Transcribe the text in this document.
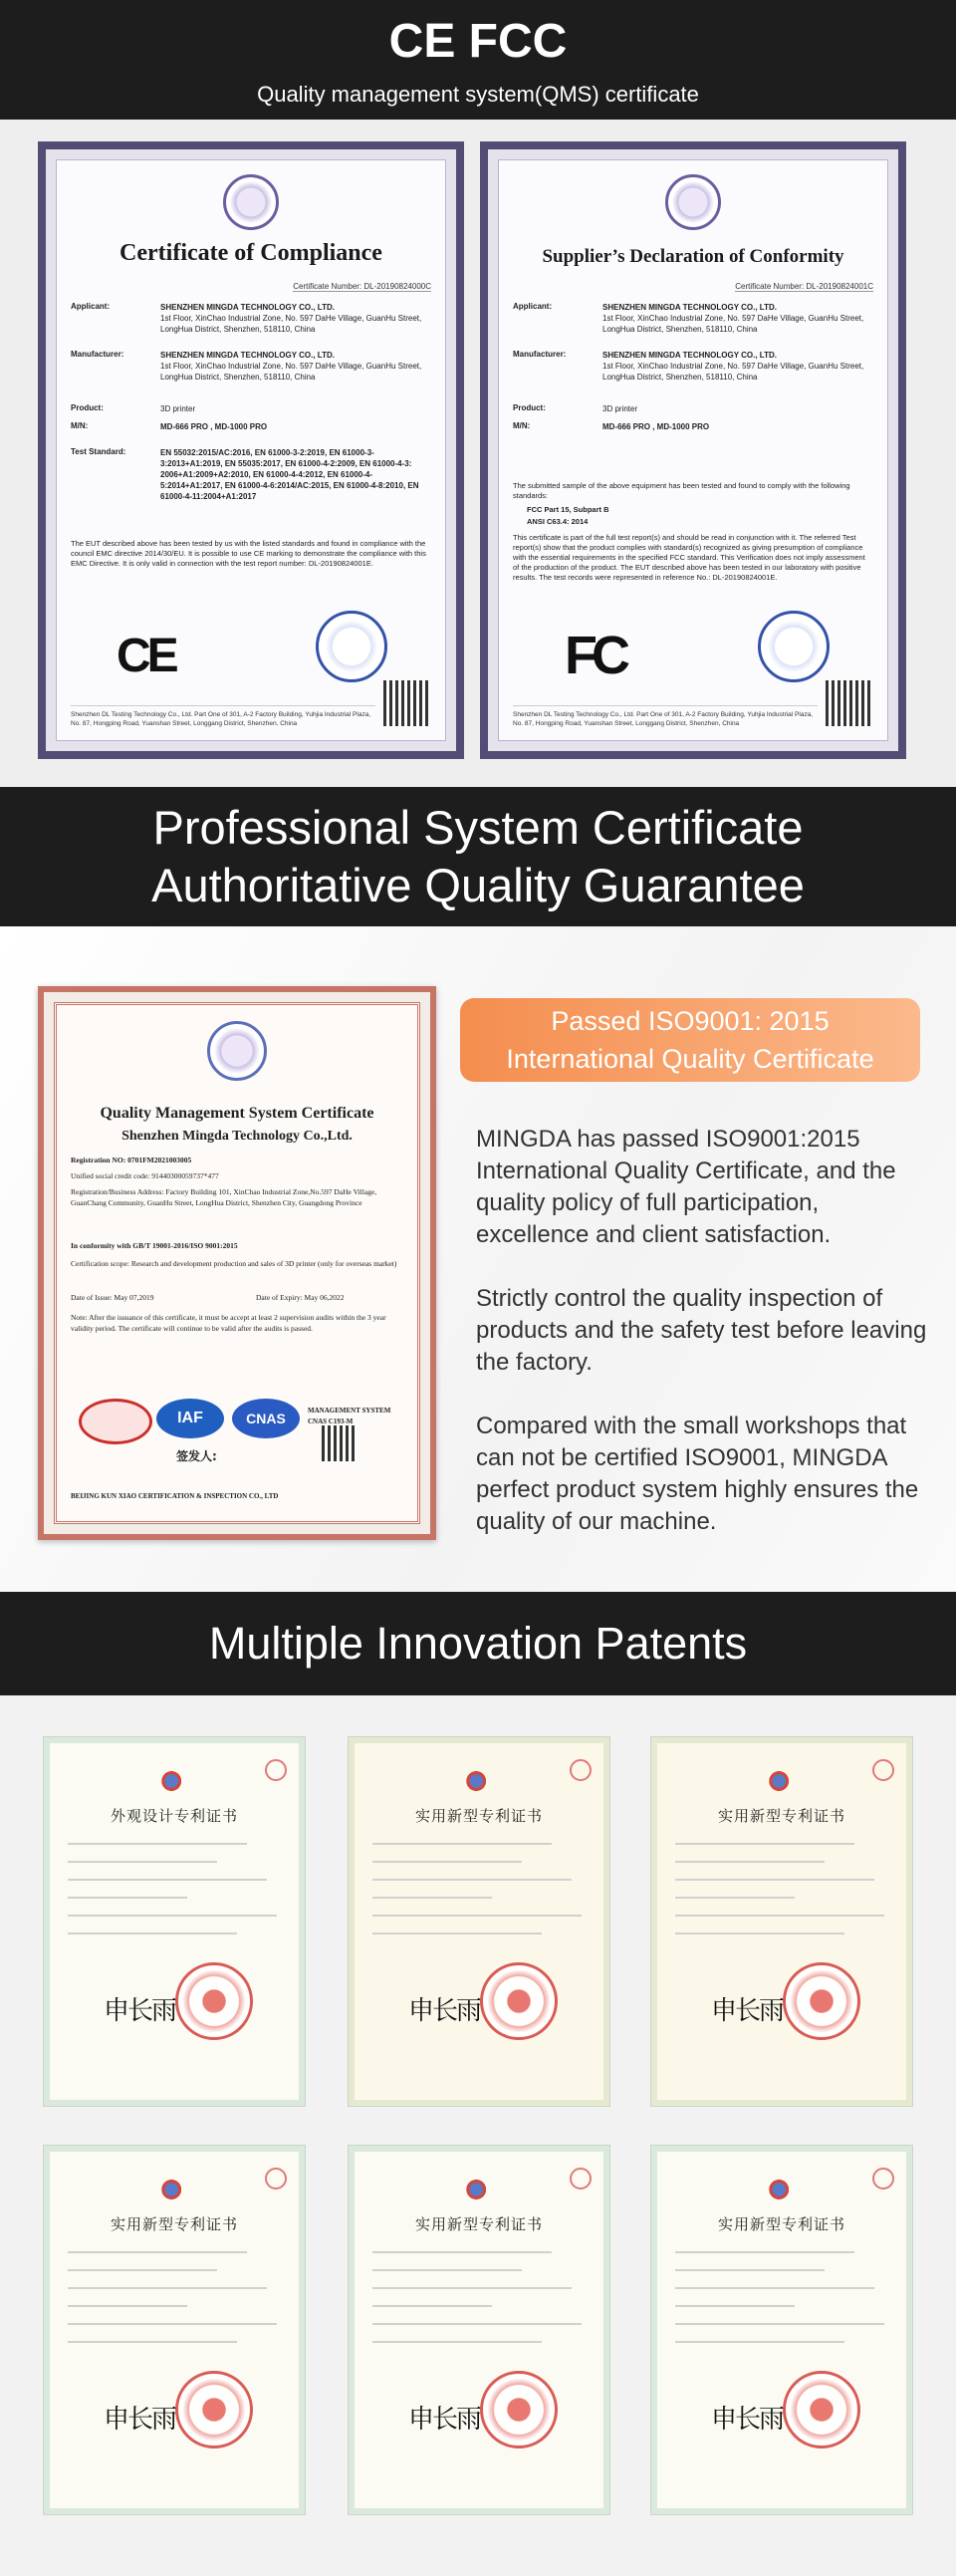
CE FCC
Quality management system(QMS) certificate
Certificate of Compliance
Certificate Number: DL-20190824000C
Applicant:	SHENZHEN MINGDA TECHNOLOGY CO., LTD.
1st Floor, XinChao Industrial Zone, No. 597 DaHe Village, GuanHu Street, LongHua District, Shenzhen, 518110, China
Manufacturer:	SHENZHEN MINGDA TECHNOLOGY CO., LTD.
1st Floor, XinChao Industrial Zone, No. 597 DaHe Village, GuanHu Street, LongHua District, Shenzhen, 518110, China
Product:	3D printer
M/N:	MD-666 PRO , MD-1000 PRO
Test Standard:	EN 55032:2015/AC:2016, EN 61000-3-2:2019, EN 61000-3-3:2013+A1:2019, EN 55035:2017, EN 61000-4-2:2009, EN 61000-4-3: 2006+A1:2009+A2:2010, EN 61000-4-4:2012, EN 61000-4-5:2014+A1:2017, EN 61000-4-6:2014/AC:2015, EN 61000-4-8:2010, EN 61000-4-11:2004+A1:2017
The EUT described above has been tested by us with the listed standards and found in compliance with the council EMC directive 2014/30/EU. It is possible to use CE marking to demonstrate the compliance with this EMC Directive. It is only valid in connection with the test report number: DL-20190824001E.
CE
Shenzhen DL Testing Technology Co., Ltd. Part One of 301, A-2 Factory Building, Yuhjia Industrial Plaza, No. 87, Hongping Road, Yuanshan Street, Longgang District, Shenzhen, China
Supplier’s Declaration of Conformity
Certificate Number: DL-20190824001C
Applicant:	SHENZHEN MINGDA TECHNOLOGY CO., LTD.
1st Floor, XinChao Industrial Zone, No. 597 DaHe Village, GuanHu Street, LongHua District, Shenzhen, 518110, China
Manufacturer:	SHENZHEN MINGDA TECHNOLOGY CO., LTD.
1st Floor, XinChao Industrial Zone, No. 597 DaHe Village, GuanHu Street, LongHua District, Shenzhen, 518110, China
Product:	3D printer
M/N:	MD-666 PRO , MD-1000 PRO
The submitted sample of the above equipment has been tested and found to comply with the following standards:
FCC Part 15, Subpart B
ANSI C63.4: 2014
This certificate is part of the full test report(s) and should be read in conjunction with it. The referred Test report(s) show that the product complies with standard(s) recognized as giving presumption of compliance with the essential requirements in the specified FCC standard. This Verification does not imply assessment of the production of the product. The EUT described above has been tested in our laboratory with positive results. The test records were represented in reference No.: DL-20190824001E.
FC
Shenzhen DL Testing Technology Co., Ltd. Part One of 301, A-2 Factory Building, Yuhjia Industrial Plaza, No. 87, Hongping Road, Yuanshan Street, Longgang District, Shenzhen, China
Professional System Certificate
Authoritative Quality Guarantee
Quality Management System Certificate
Shenzhen Mingda Technology Co.,Ltd.
Registration NO: 0701FM2021003005
Unified social credit code: 91440300059737*477
Registration/Business Address: Factory Building 101, XinChao Industrial Zone,No.597 DaHe Village, GuanChang Community, GuanHu Street, LongHua District, Shenzhen City, Guangdong Province
In conformity with GB/T 19001-2016/ISO 9001:2015
Certification scope: Research and development production and sales of 3D printer (only for overseas market)
Date of Issue: May 07,2019	Date of Expiry: May 06,2022
Note: After the issuance of this certificate, it must be accept at least 2 supervision audits within the 3 year validity period. The certificate will continue to be valid after the audits is passed.
IAF	CNAS	MANAGEMENT SYSTEM CNAS C193-M
签发人:
BEIJING KUN XIAO CERTIFICATION & INSPECTION CO., LTD
Passed ISO9001: 2015
International Quality Certificate
MINGDA has passed ISO9001:2015 International Quality Certificate, and the quality policy of full participation, excellence and client satisfaction.
Strictly control the quality inspection of products and the safety test before leaving the factory.
Compared with the small workshops that can not be certified ISO9001, MINGDA perfect product system highly ensures the quality of our machine.
Multiple Innovation Patents
外观设计专利证书
申长雨
实用新型专利证书
申长雨
实用新型专利证书
申长雨
实用新型专利证书
申长雨
实用新型专利证书
申长雨
实用新型专利证书
申长雨
